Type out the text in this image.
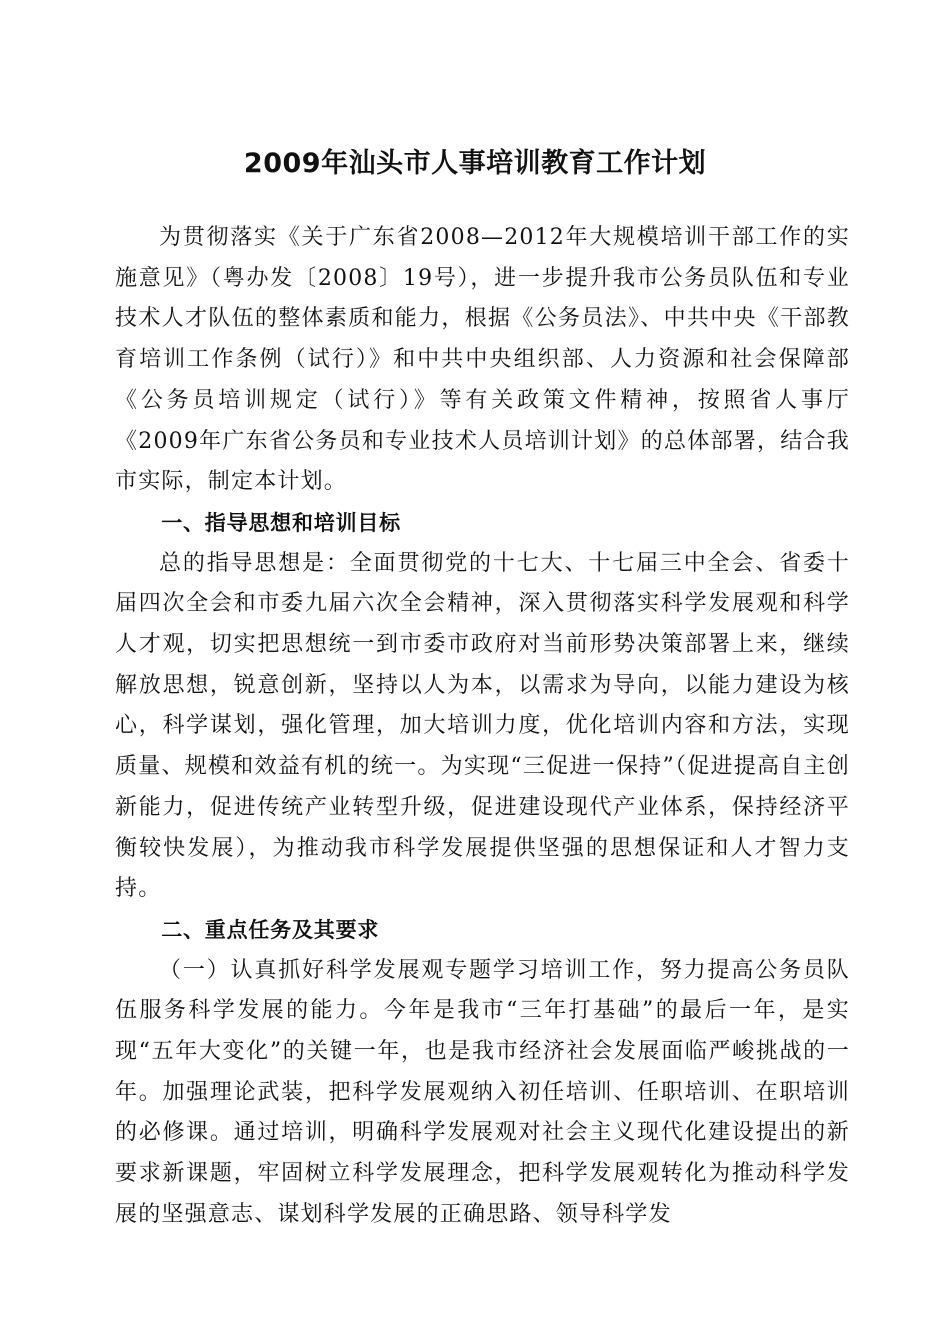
2009年汕头市人事培训教育工作计划

为贯彻落实《关于广东省2008—2012年大规模培训干部工作的实施意见》（粤办发〔2008〕19号），进一步提升我市公务员队伍和专业技术人才队伍的整体素质和能力，根据《公务员法》、中共中央《干部教育培训工作条例（试行）》和中共中央组织部、人力资源和社会保障部《公务员培训规定（试行）》等有关政策文件精神，按照省人事厅《2009年广东省公务员和专业技术人员培训计划》的总体部署，结合我市实际，制定本计划。

一、指导思想和培训目标

总的指导思想是：全面贯彻党的十七大、十七届三中全会、省委十届四次全会和市委九届六次全会精神，深入贯彻落实科学发展观和科学人才观，切实把思想统一到市委市政府对当前形势决策部署上来，继续解放思想，锐意创新，坚持以人为本，以需求为导向，以能力建设为核心，科学谋划，强化管理，加大培训力度，优化培训内容和方法，实现质量、规模和效益有机的统一。为实现“三促进一保持”（促进提高自主创新能力，促进传统产业转型升级，促进建设现代产业体系，保持经济平衡较快发展），为推动我市科学发展提供坚强的思想保证和人才智力支持。

二、重点任务及其要求

（一）认真抓好科学发展观专题学习培训工作，努力提高公务员队伍服务科学发展的能力。今年是我市“三年打基础”的最后一年，是实现“五年大变化”的关键一年，也是我市经济社会发展面临严峻挑战的一年。加强理论武装，把科学发展观纳入初任培训、任职培训、在职培训的必修课。通过培训，明确科学发展观对社会主义现代化建设提出的新要求新课题，牢固树立科学发展理念，把科学发展观转化为推动科学发展的坚强意志、谋划科学发展的正确思路、领导科学发
